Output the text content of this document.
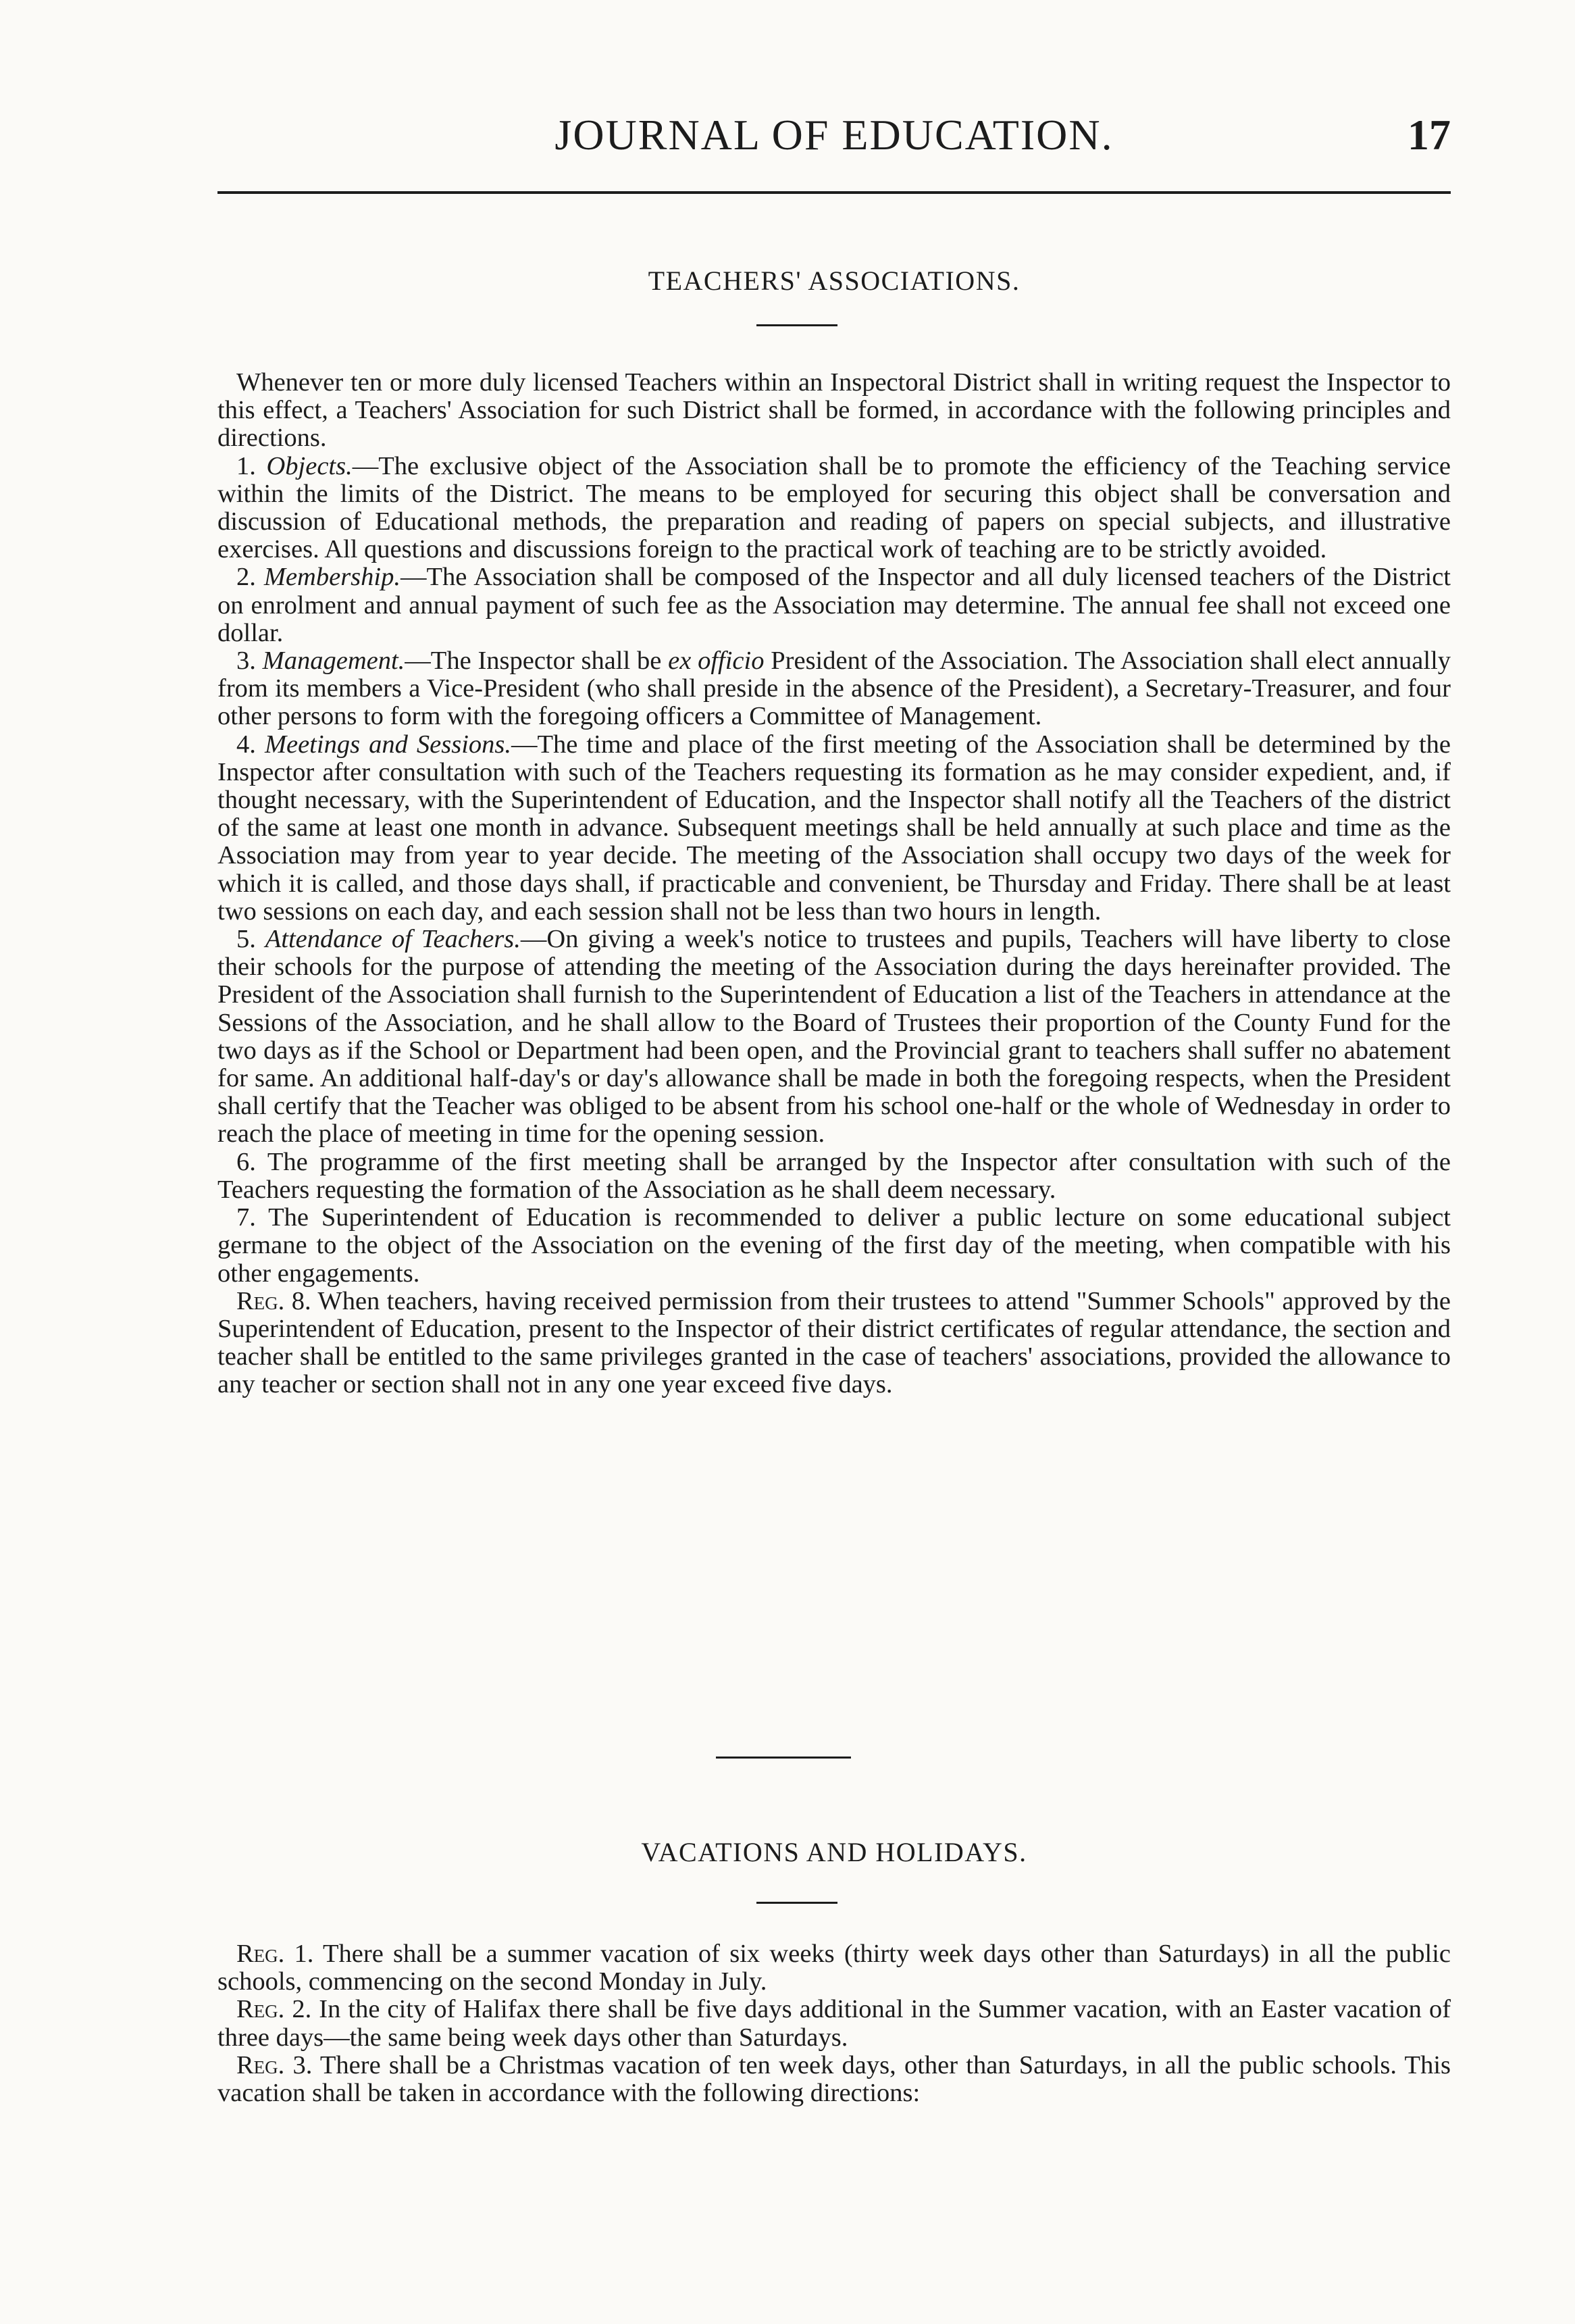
JOURNAL OF EDUCATION.	17
TEACHERS' ASSOCIATIONS.

Whenever ten or more duly licensed Teachers within an Inspectoral District shall in writing request the Inspector to this effect, a Teachers' Association for such District shall be formed, in accordance with the following principles and directions.

1. Objects.—The exclusive object of the Association shall be to promote the efficiency of the Teaching service within the limits of the District. The means to be employed for securing this object shall be conversation and discussion of Educational methods, the preparation and reading of papers on special subjects, and illustrative exercises. All questions and discussions foreign to the practical work of teaching are to be strictly avoided.

2. Membership.—The Association shall be composed of the Inspector and all duly licensed teachers of the District on enrolment and annual payment of such fee as the Association may determine. The annual fee shall not exceed one dollar.

3. Management.—The Inspector shall be ex officio President of the Association. The Association shall elect annually from its members a Vice-President (who shall preside in the absence of the President), a Secretary-Treasurer, and four other persons to form with the foregoing officers a Committee of Management.

4. Meetings and Sessions.—The time and place of the first meeting of the Association shall be determined by the Inspector after consultation with such of the Teachers requesting its formation as he may consider expedient, and, if thought necessary, with the Superintendent of Education, and the Inspector shall notify all the Teachers of the district of the same at least one month in advance. Subsequent meetings shall be held annually at such place and time as the Association may from year to year decide. The meeting of the Association shall occupy two days of the week for which it is called, and those days shall, if practicable and convenient, be Thursday and Friday. There shall be at least two sessions on each day, and each session shall not be less than two hours in length.

5. Attendance of Teachers.—On giving a week's notice to trustees and pupils, Teachers will have liberty to close their schools for the purpose of attending the meeting of the Association during the days hereinafter provided. The President of the Association shall furnish to the Superintendent of Education a list of the Teachers in attendance at the Sessions of the Association, and he shall allow to the Board of Trustees their proportion of the County Fund for the two days as if the School or Department had been open, and the Provincial grant to teachers shall suffer no abatement for same. An additional half-day's or day's allowance shall be made in both the foregoing respects, when the President shall certify that the Teacher was obliged to be absent from his school one-half or the whole of Wednesday in order to reach the place of meeting in time for the opening session.

6. The programme of the first meeting shall be arranged by the Inspector after consultation with such of the Teachers requesting the formation of the Association as he shall deem necessary.

7. The Superintendent of Education is recommended to deliver a public lecture on some educational subject germane to the object of the Association on the evening of the first day of the meeting, when compatible with his other engagements.

Reg. 8. When teachers, having received permission from their trustees to attend "Summer Schools" approved by the Superintendent of Education, present to the Inspector of their district certificates of regular attendance, the section and teacher shall be entitled to the same privileges granted in the case of teachers' associations, provided the allowance to any teacher or section shall not in any one year exceed five days.

VACATIONS AND HOLIDAYS.

Reg. 1. There shall be a summer vacation of six weeks (thirty week days other than Saturdays) in all the public schools, commencing on the second Monday in July.

Reg. 2. In the city of Halifax there shall be five days additional in the Summer vacation, with an Easter vacation of three days—the same being week days other than Saturdays.

Reg. 3. There shall be a Christmas vacation of ten week days, other than Saturdays, in all the public schools. This vacation shall be taken in accordance with the following directions:
